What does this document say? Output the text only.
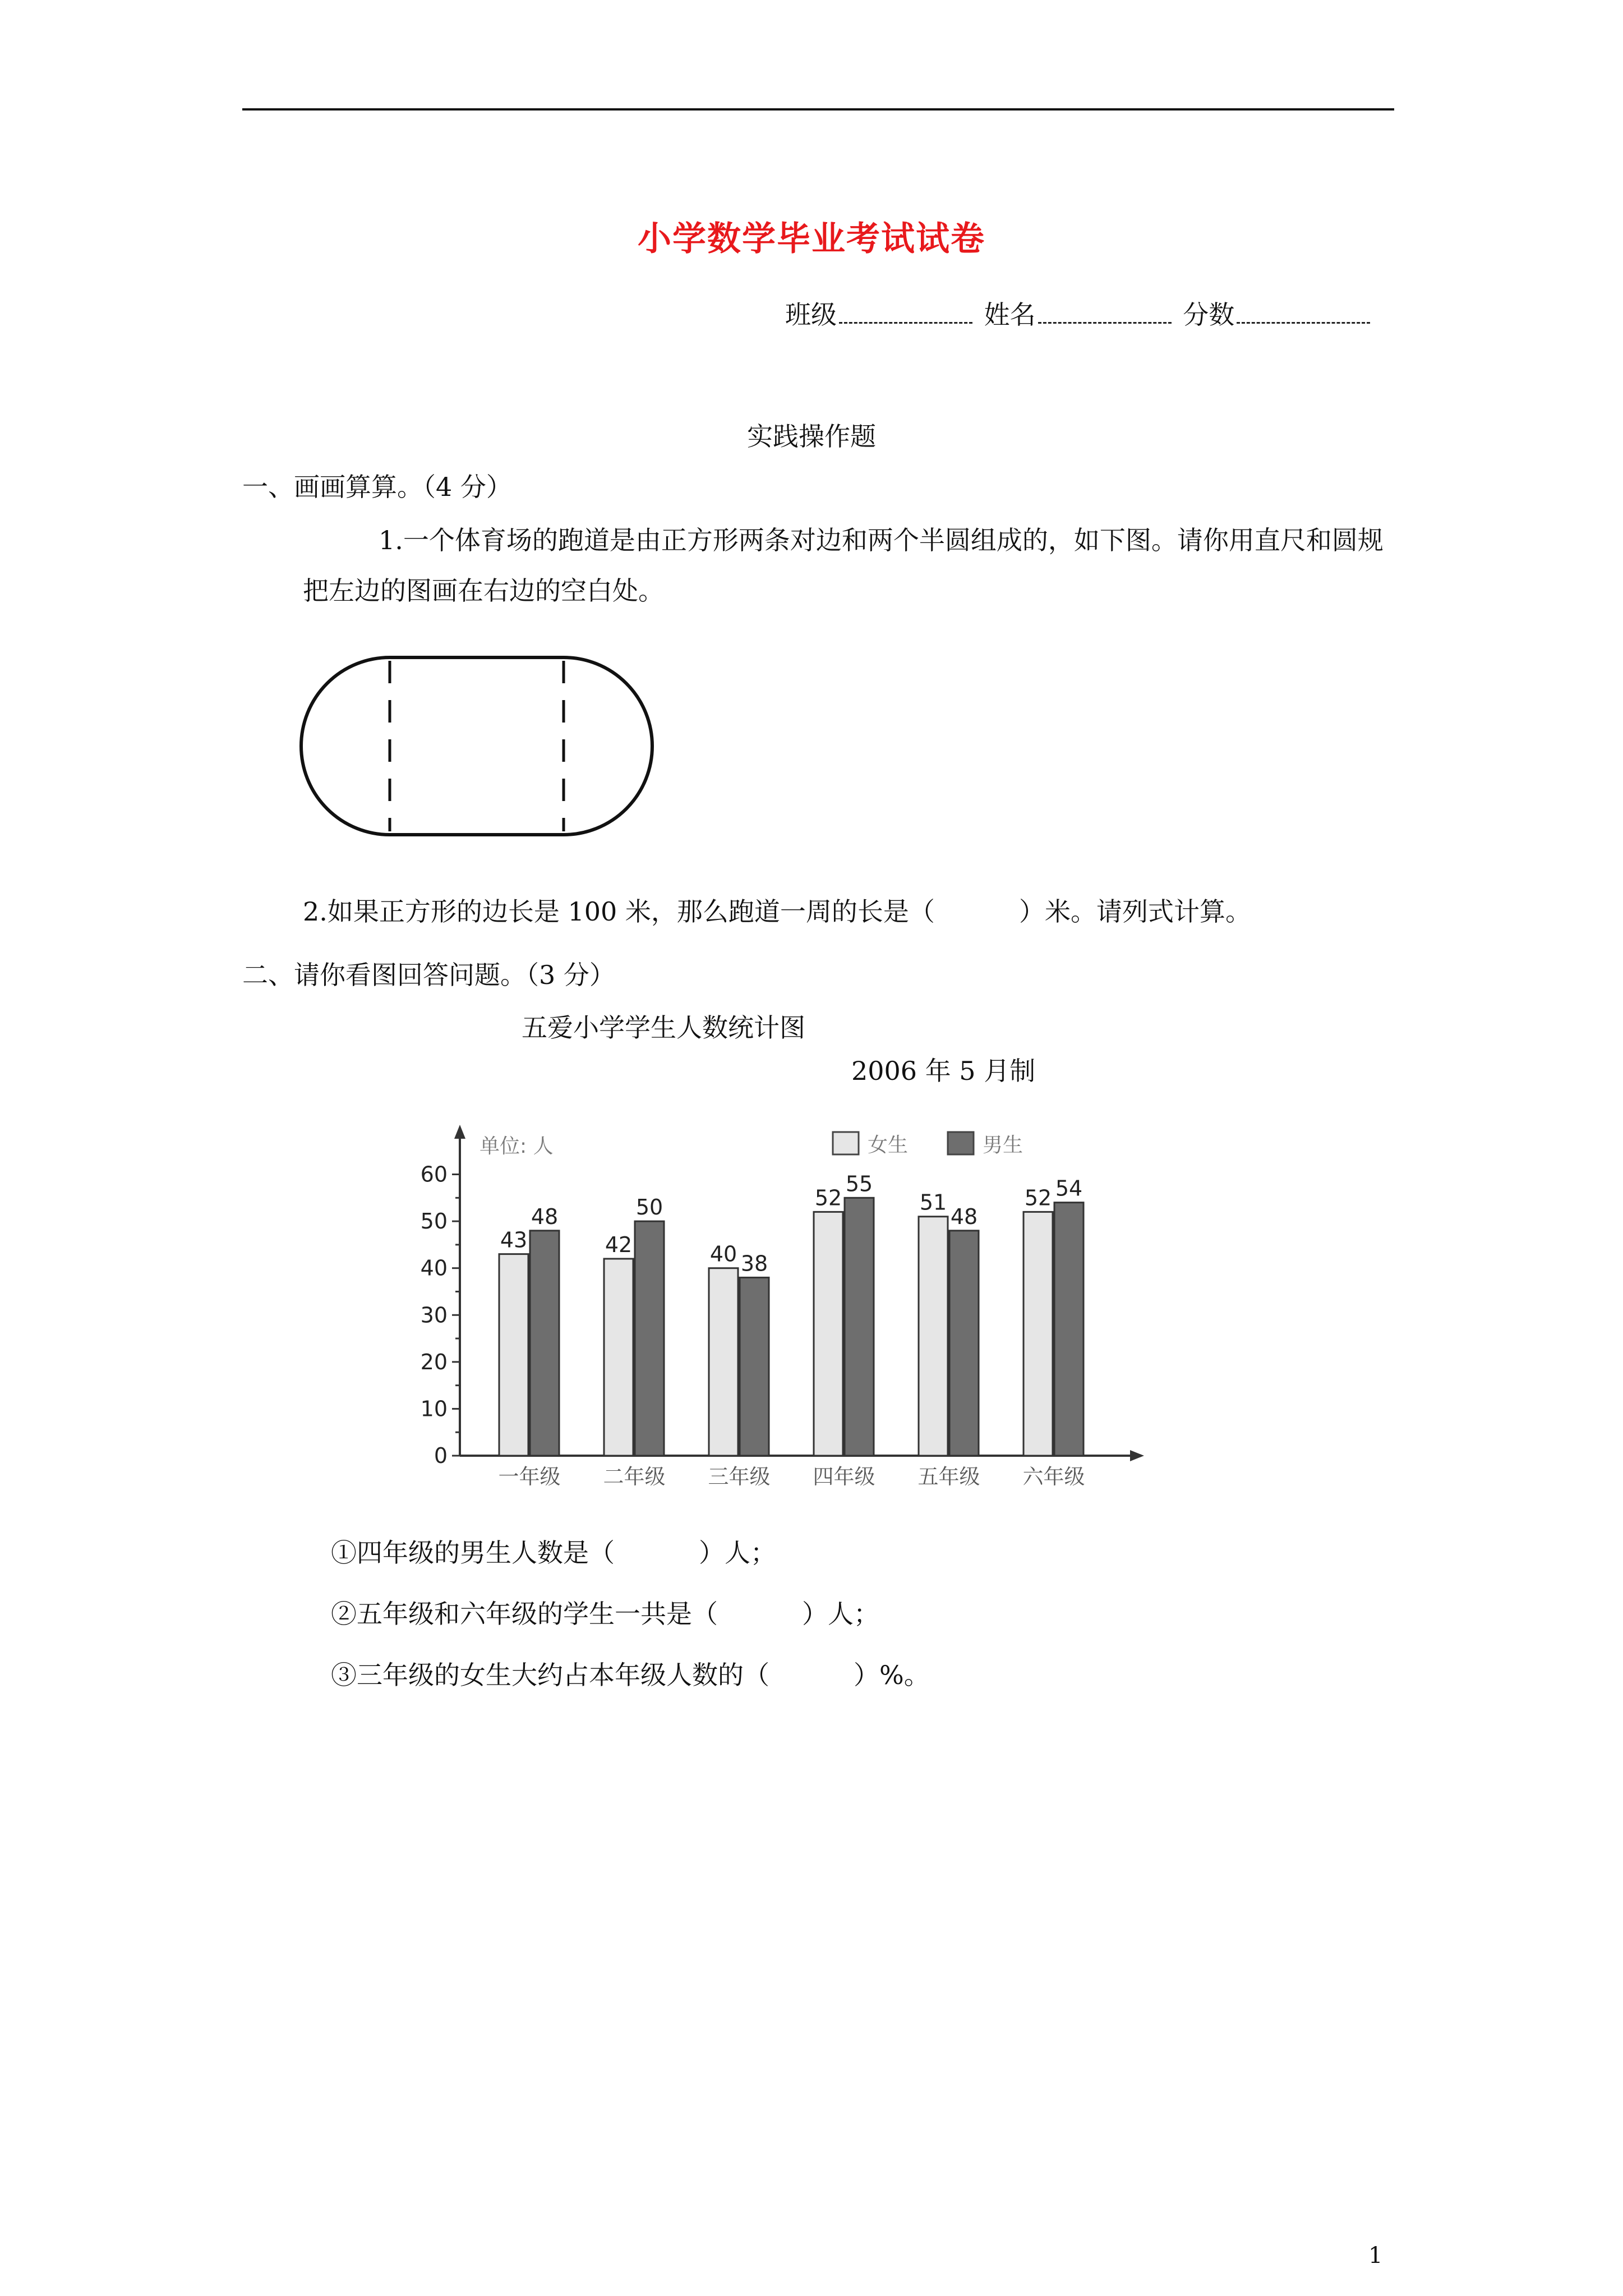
小学数学毕业考试试卷
班级	姓名	分数
实践操作题
一、画画算算。（4 分）
1.一个体育场的跑道是由正方形两条对边和两个半圆组成的，如下图。请你用直尺和圆规把左边的图画在右边的空白处。
2.如果正方形的边长是 100 米，那么跑道一周的长是（	）米。请列式计算。
二、请你看图回答问题。（3 分）
五爱小学学生人数统计图
2006 年 5 月制
0
10
20
30
40
50
60
单位: 人	女生	男生
43
48
一年级
42
50
二年级
40 38
三年级
52
55
四年级
51
48
五年级
52 54
六年级
①四年级的男生人数是（	）人；
②五年级和六年级的学生一共是（	）人；
③三年级的女生大约占本年级人数的（	）%。
1
